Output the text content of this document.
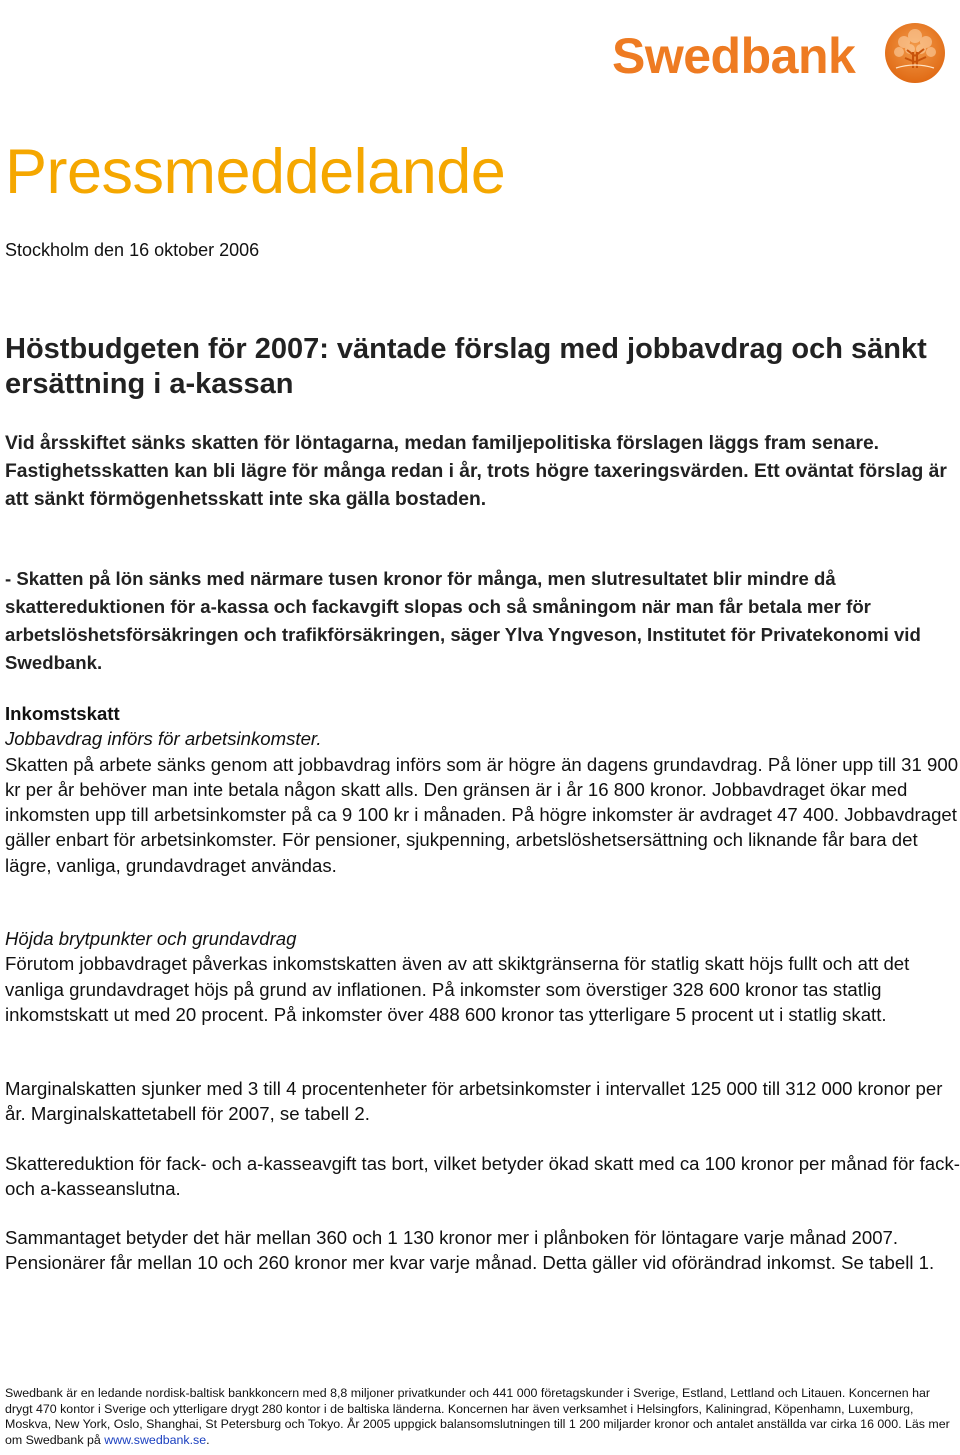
Swedbank
Pressmeddelande
Stockholm den 16 oktober 2006
Höstbudgeten för 2007: väntade förslag med jobbavdrag och sänkt ersättning i a-kassan
Vid årsskiftet sänks skatten för löntagarna, medan familjepolitiska förslagen läggs fram senare. Fastighetsskatten kan bli lägre för många redan i år, trots högre taxeringsvärden. Ett oväntat förslag är att sänkt förmögenhetsskatt inte ska gälla bostaden.
- Skatten på lön sänks med närmare tusen kronor för många, men slutresultatet blir mindre då skattereduktionen för a-kassa och fackavgift slopas och så småningom när man får betala mer för arbetslöshetsförsäkringen och trafikförsäkringen, säger Ylva Yngveson, Institutet för Privatekonomi vid Swedbank.

Inkomstskatt

Jobbavdrag införs för arbetsinkomster.

Skatten på arbete sänks genom att jobbavdrag införs som är högre än dagens grundavdrag. På löner upp till 31 900 kr per år behöver man inte betala någon skatt alls. Den gränsen är i år 16 800 kronor. Jobbavdraget ökar med inkomsten upp till arbetsinkomster på ca 9 100 kr i månaden. På högre inkomster är avdraget 47 400. Jobbavdraget gäller enbart för arbetsinkomster. För pensioner, sjukpenning, arbetslöshetsersättning och liknande får bara det lägre, vanliga, grundavdraget användas.

Höjda brytpunkter och grundavdrag

Förutom jobbavdraget påverkas inkomstskatten även av att skiktgränserna för statlig skatt höjs fullt och att det vanliga grundavdraget höjs på grund av inflationen. På inkomster som överstiger 328 600 kronor tas statlig inkomstskatt ut med 20 procent. På inkomster över 488 600 kronor tas ytterligare 5 procent ut i statlig skatt.

Marginalskatten sjunker med 3 till 4 procentenheter för arbetsinkomster i intervallet 125 000 till 312 000 kronor per år. Marginalskattetabell för 2007, se tabell 2.

Skattereduktion för fack- och a-kasseavgift tas bort, vilket betyder ökad skatt med ca 100 kronor per månad för fack- och a-kasseanslutna.

Sammantaget betyder det här mellan 360 och 1 130 kronor mer i plånboken för löntagare varje månad 2007. Pensionärer får mellan 10 och 260 kronor mer kvar varje månad. Detta gäller vid oförändrad inkomst. Se tabell 1.

Swedbank är en ledande nordisk-baltisk bankkoncern med 8,8 miljoner privatkunder och 441 000 företagskunder i Sverige, Estland, Lettland och Litauen. Koncernen har drygt 470 kontor i Sverige och ytterligare drygt 280 kontor i de baltiska länderna. Koncernen har även verksamhet i Helsingfors, Kaliningrad, Köpenhamn, Luxemburg, Moskva, New York, Oslo, Shanghai, St Petersburg och Tokyo. År 2005 uppgick balansomslutningen till 1 200 miljarder kronor och antalet anställda var cirka 16 000. Läs mer om Swedbank på www.swedbank.se.
